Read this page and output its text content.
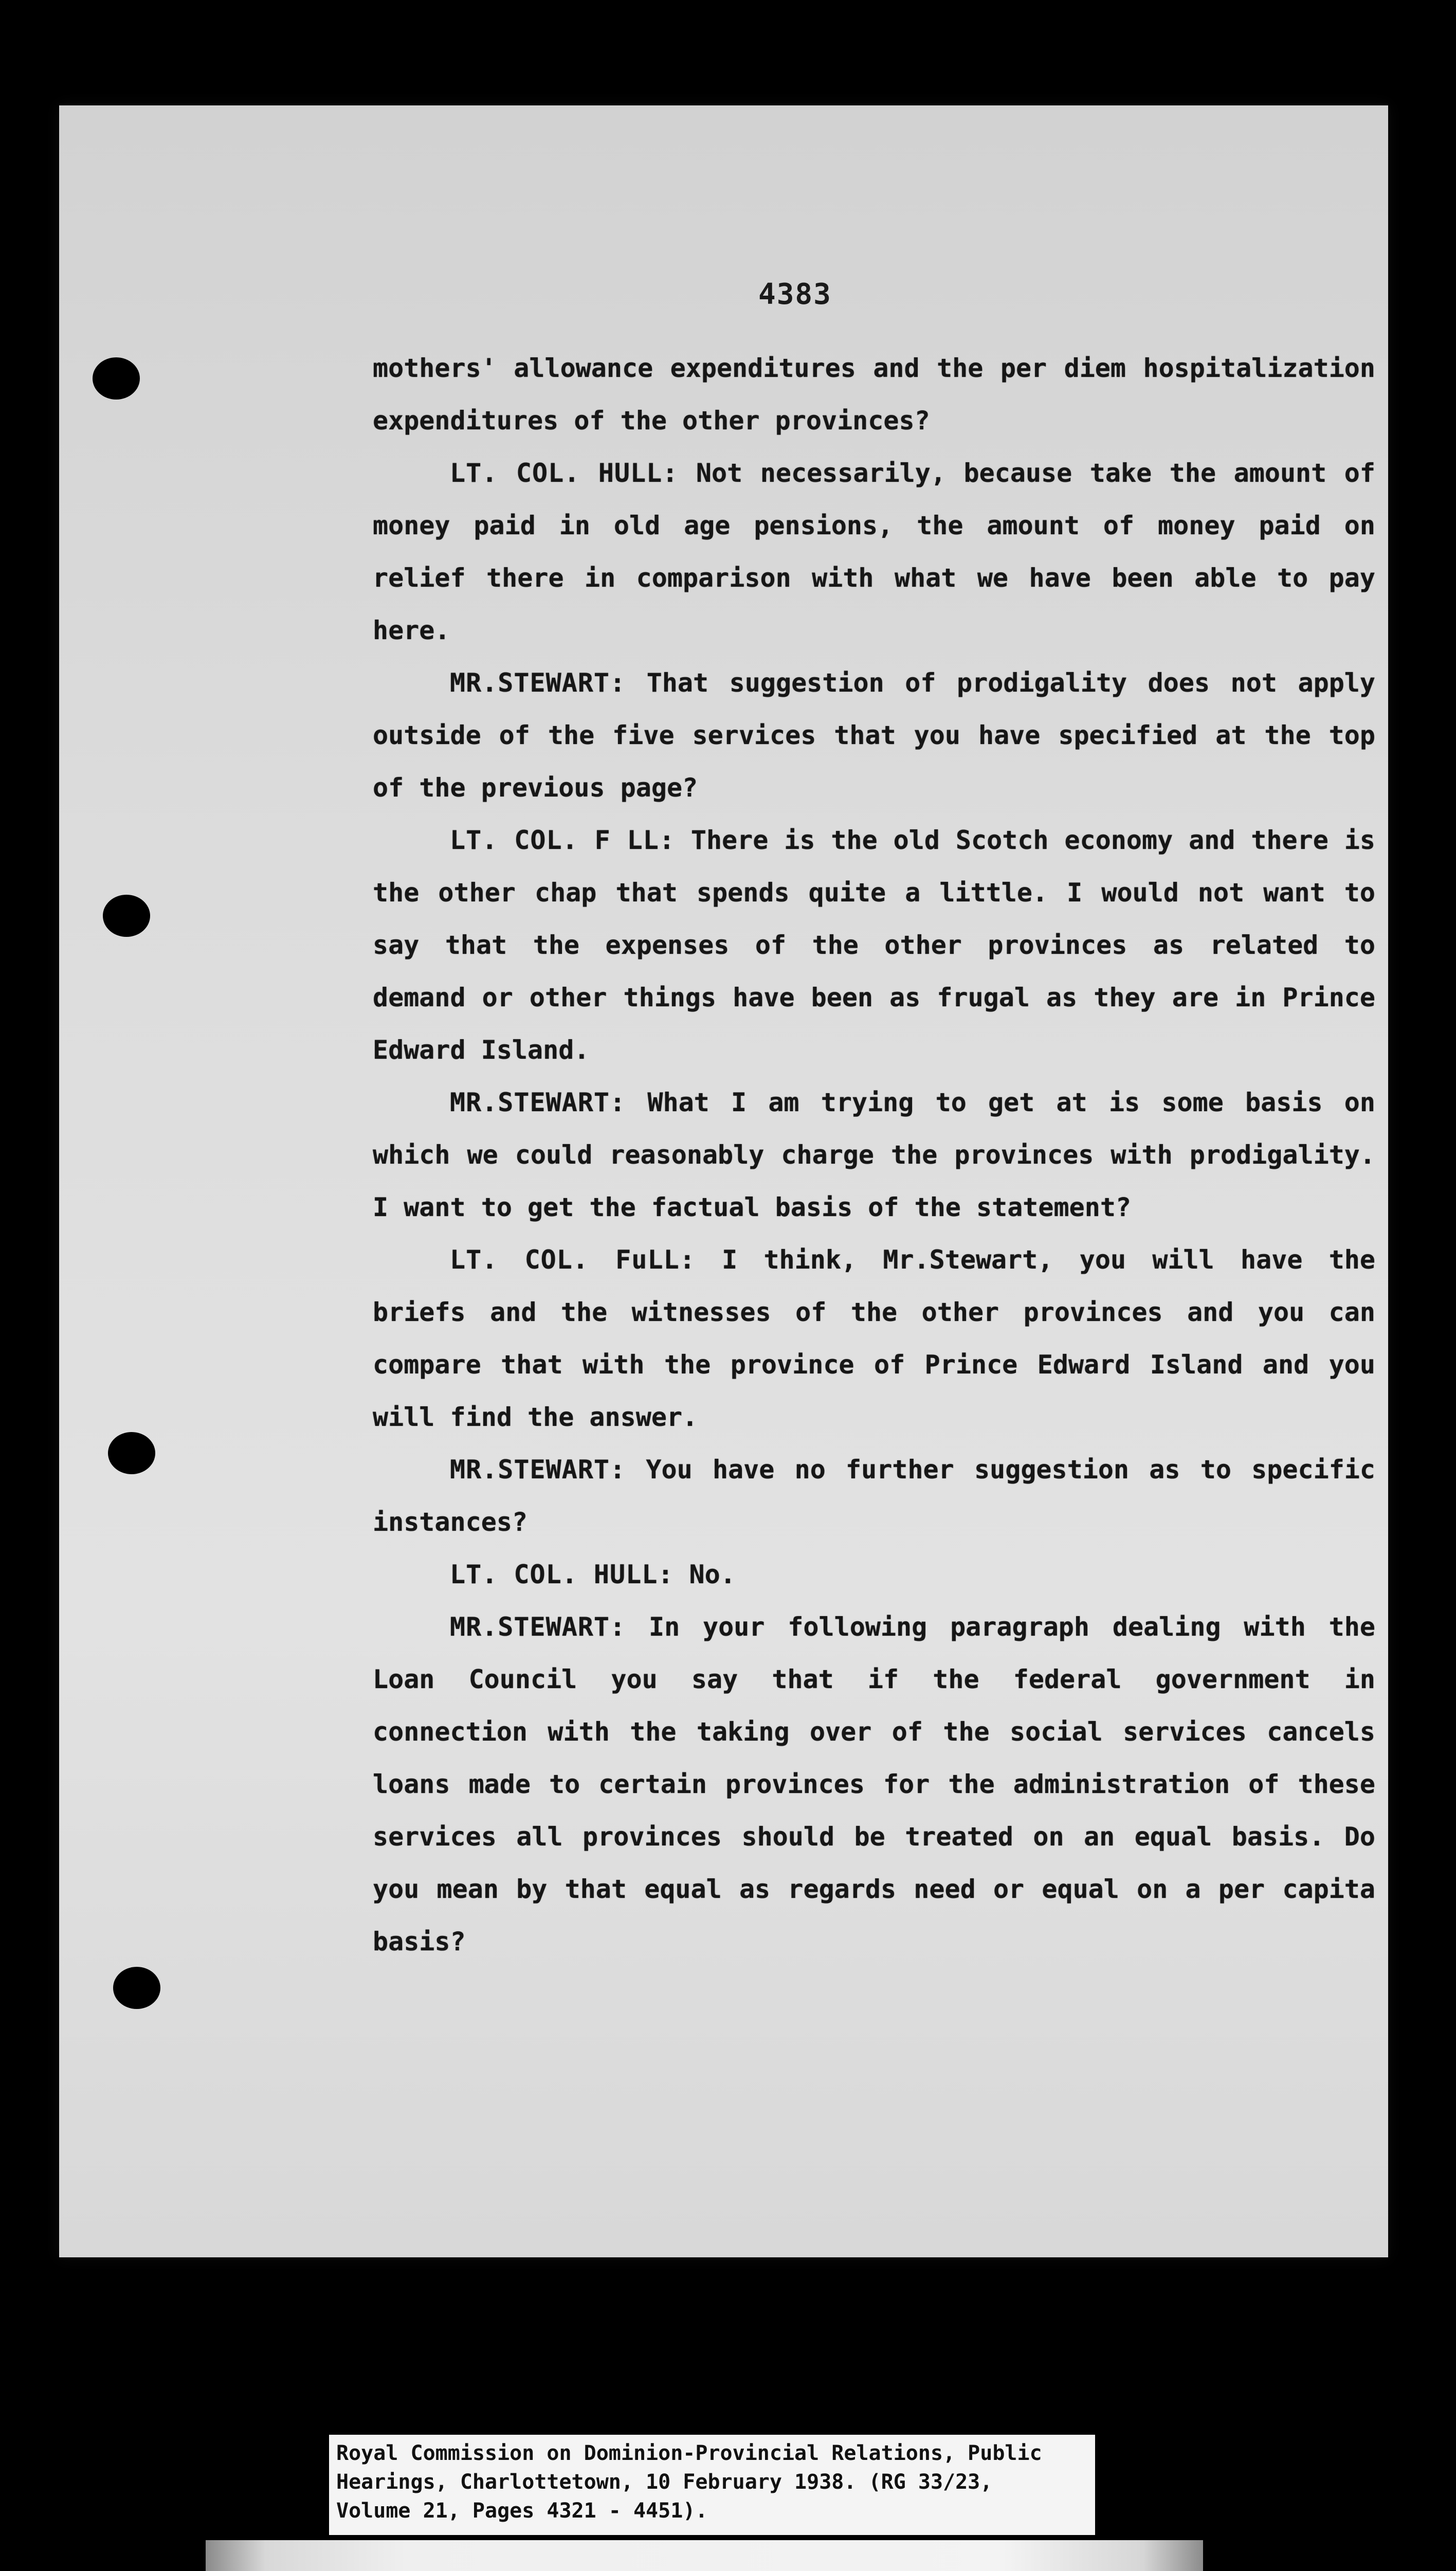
4383

mothers' allowance expenditures and the per diem hospitalization expenditures of the other provinces?

LT. COL. HULL: Not necessarily, because take the amount of money paid in old age pensions, the amount of money paid on relief there in comparison with what we have been able to pay here.

MR.STEWART: That suggestion of prodigality does not apply outside of the five services that you have specified at the top of the previous page?

LT. COL. F LL: There is the old Scotch economy and there is the other chap that spends quite a little. I would not want to say that the expenses of the other provinces as related to demand or other things have been as frugal as they are in Prince Edward Island.

MR.STEWART: What I am trying to get at is some basis on which we could reasonably charge the provinces with prodigality. I want to get the factual basis of the statement?

LT. COL. FuLL: I think, Mr.Stewart, you will have the briefs and the witnesses of the other provinces and you can compare that with the province of Prince Edward Island and you will find the answer.

MR.STEWART: You have no further suggestion as to specific instances?

LT. COL. HULL: No.

MR.STEWART: In your following paragraph dealing with the Loan Council you say that if the federal government in connection with the taking over of the social services cancels loans made to certain provinces for the administration of these services all provinces should be treated on an equal basis. Do you mean by that equal as regards need or equal on a per capita basis?

Royal Commission on Dominion-Provincial Relations, Public
Hearings, Charlottetown, 10 February 1938. (RG 33/23,
Volume 21, Pages 4321 - 4451).
